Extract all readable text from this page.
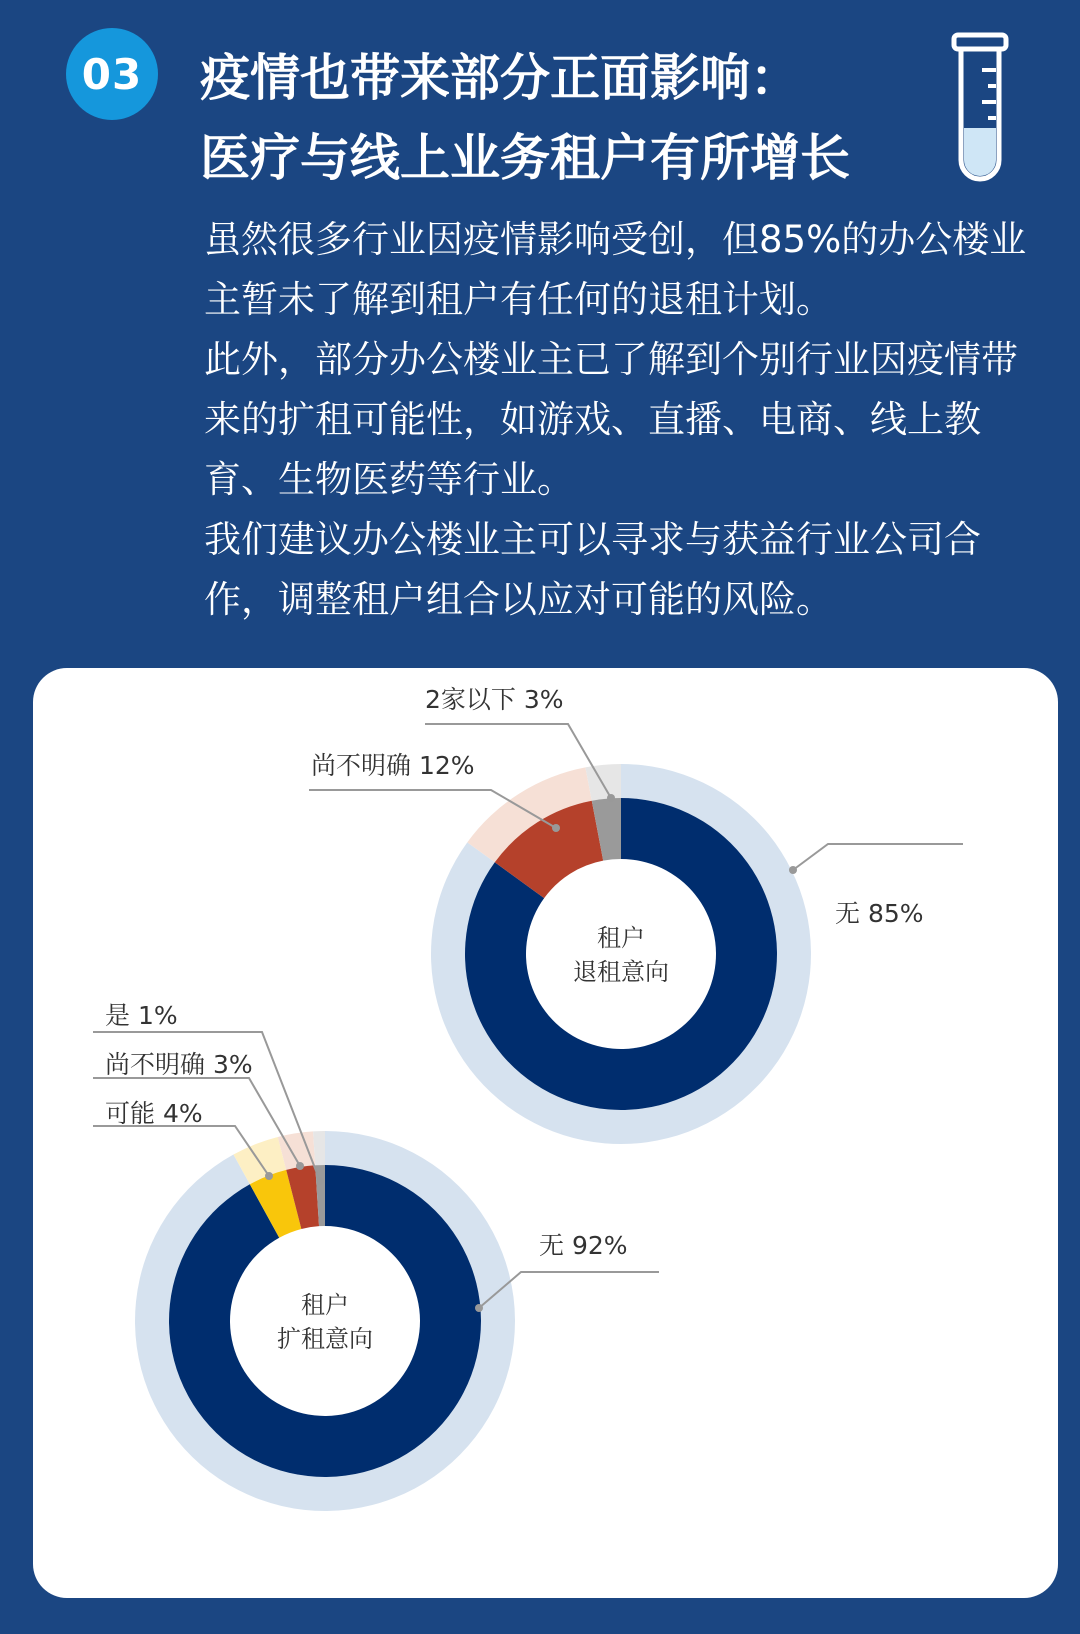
03	疫情也带来部分正面影响：
医疗与线上业务租户有所增长

虽然很多行业因疫情影响受创，但85%的办公楼业主暂未了解到租户有任何的退租计划。

此外，部分办公楼业主已了解到个别行业因疫情带来的扩租可能性，如游戏、直播、电商、线上教育、生物医药等行业。

我们建议办公楼业主可以寻求与获益行业公司合作，调整租户组合以应对可能的风险。

租户
退租意向
无 85%
尚不明确 12%
2家以下 3%
租户
扩租意向
无 92%
可能 4%
尚不明确 3%
是 1%
